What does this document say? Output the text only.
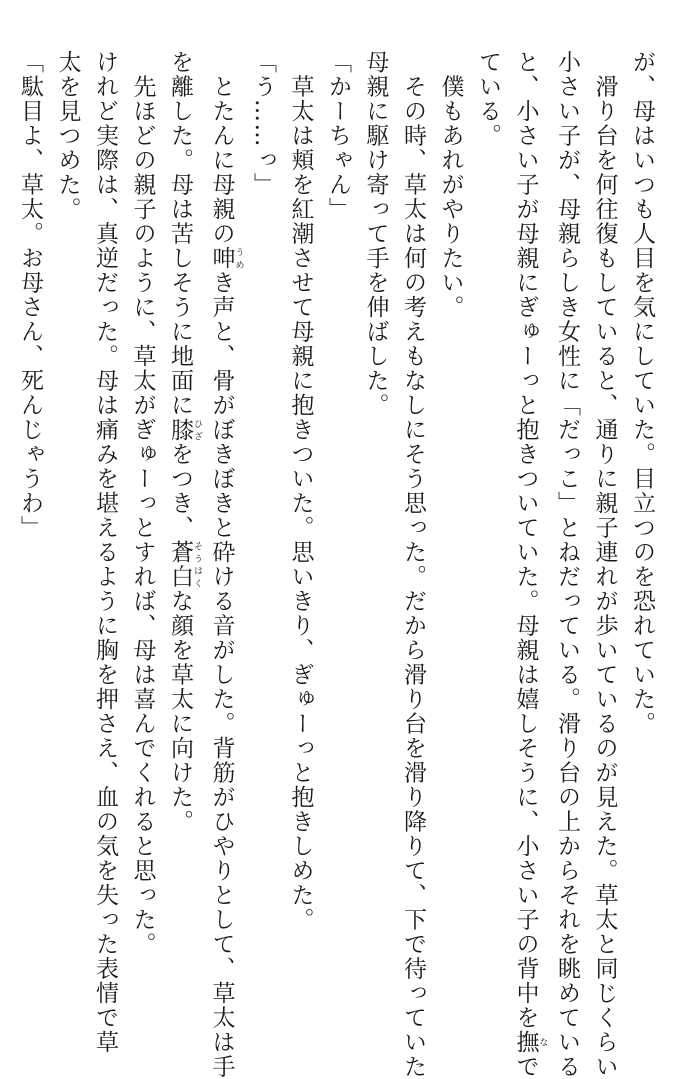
が、母はいつも人目を気にしていた。目立つのを恐れていた。
　滑り台を何往復もしていると、通りに親子連れが歩いているのが見えた。草太と同じくらい
小さい子が、母親らしき女性に「だっこ」とねだっている。滑り台の上からそれを眺めている
と、小さい子が母親にぎゅーっと抱きついていた。母親は嬉しそうに、小さい子の背中を撫 なで
ている。
　僕もあれがやりたい。
　その時、草太は何の考えもなしにそう思った。だから滑り台を滑り降りて、下で待っていた
母親に駆け寄って手を伸ばした。
「かーちゃん」
　草太は頬を紅潮させて母親に抱きついた。思いきり、ぎゅーっと抱きしめた。
「う……っ」
　とたんに母親の呻 うめき声と、骨がぼきぼきと砕ける音がした。背筋がひやりとして、草太は手
を離した。母は苦しそうに地面に膝 ひざをつき、蒼白 そうはくな顔を草太に向けた。
　先ほどの親子のように、草太がぎゅーっとすれば、母は喜んでくれると思った。
けれど実際は、真逆だった。母は痛みを堪えるように胸を押さえ、血の気を失った表情で草
太を見つめた。
「駄目よ、草太。お母さん、死んじゃうわ」
